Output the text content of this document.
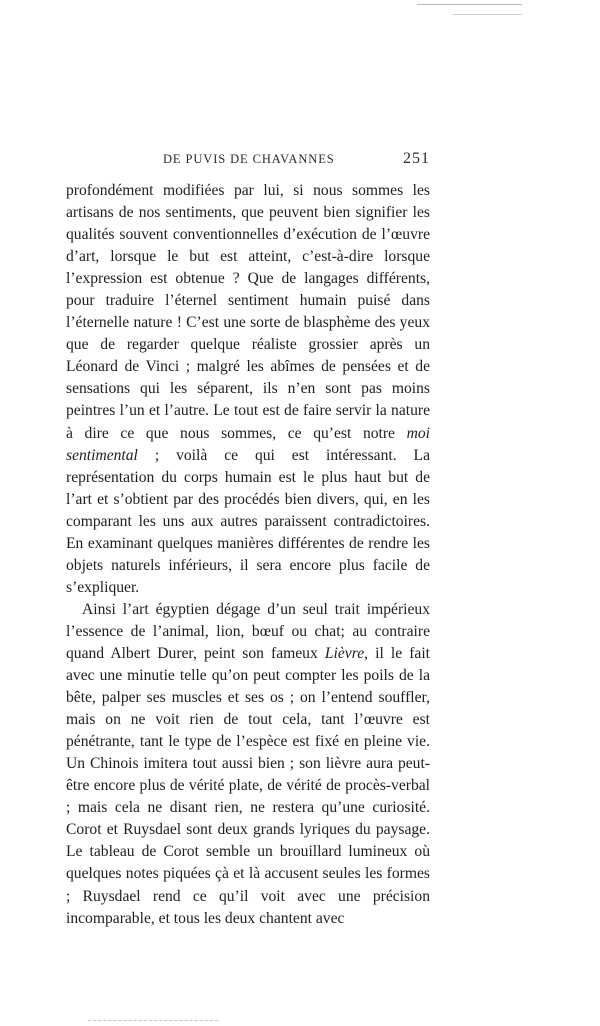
DE PUVIS DE CHAVANNES	251

profondément modifiées par lui, si nous sommes les artisans de nos sentiments, que peuvent bien signifier les qualités souvent conventionnelles d’exécution de l’œuvre d’art, lorsque le but est atteint, c’est-à-dire lorsque l’expression est obtenue ? Que de langages différents, pour traduire l’éternel sentiment humain puisé dans l’éternelle nature ! C’est une sorte de blasphème des yeux que de regarder quelque réaliste grossier après un Léonard de Vinci ; malgré les abîmes de pensées et de sensations qui les séparent, ils n’en sont pas moins peintres l’un et l’autre. Le tout est de faire servir la nature à dire ce que nous sommes, ce qu’est notre moi sentimental ; voilà ce qui est intéressant. La représentation du corps humain est le plus haut but de l’art et s’obtient par des procédés bien divers, qui, en les comparant les uns aux autres paraissent contradictoires. En examinant quelques manières différentes de rendre les objets naturels inférieurs, il sera encore plus facile de s’expliquer.

Ainsi l’art égyptien dégage d’un seul trait impérieux l’essence de l’animal, lion, bœuf ou chat; au contraire quand Albert Durer, peint son fameux Lièvre, il le fait avec une minutie telle qu’on peut compter les poils de la bête, palper ses muscles et ses os ; on l’entend souffler, mais on ne voit rien de tout cela, tant l’œuvre est pénétrante, tant le type de l’espèce est fixé en pleine vie. Un Chinois imitera tout aussi bien ; son lièvre aura peut-être encore plus de vérité plate, de vérité de procès-verbal ; mais cela ne disant rien, ne restera qu’une curiosité. Corot et Ruysdael sont deux grands lyriques du paysage. Le tableau de Corot semble un brouillard lumineux où quelques notes piquées çà et là accusent seules les formes ; Ruysdael rend ce qu’il voit avec une précision incomparable, et tous les deux chantent avec
